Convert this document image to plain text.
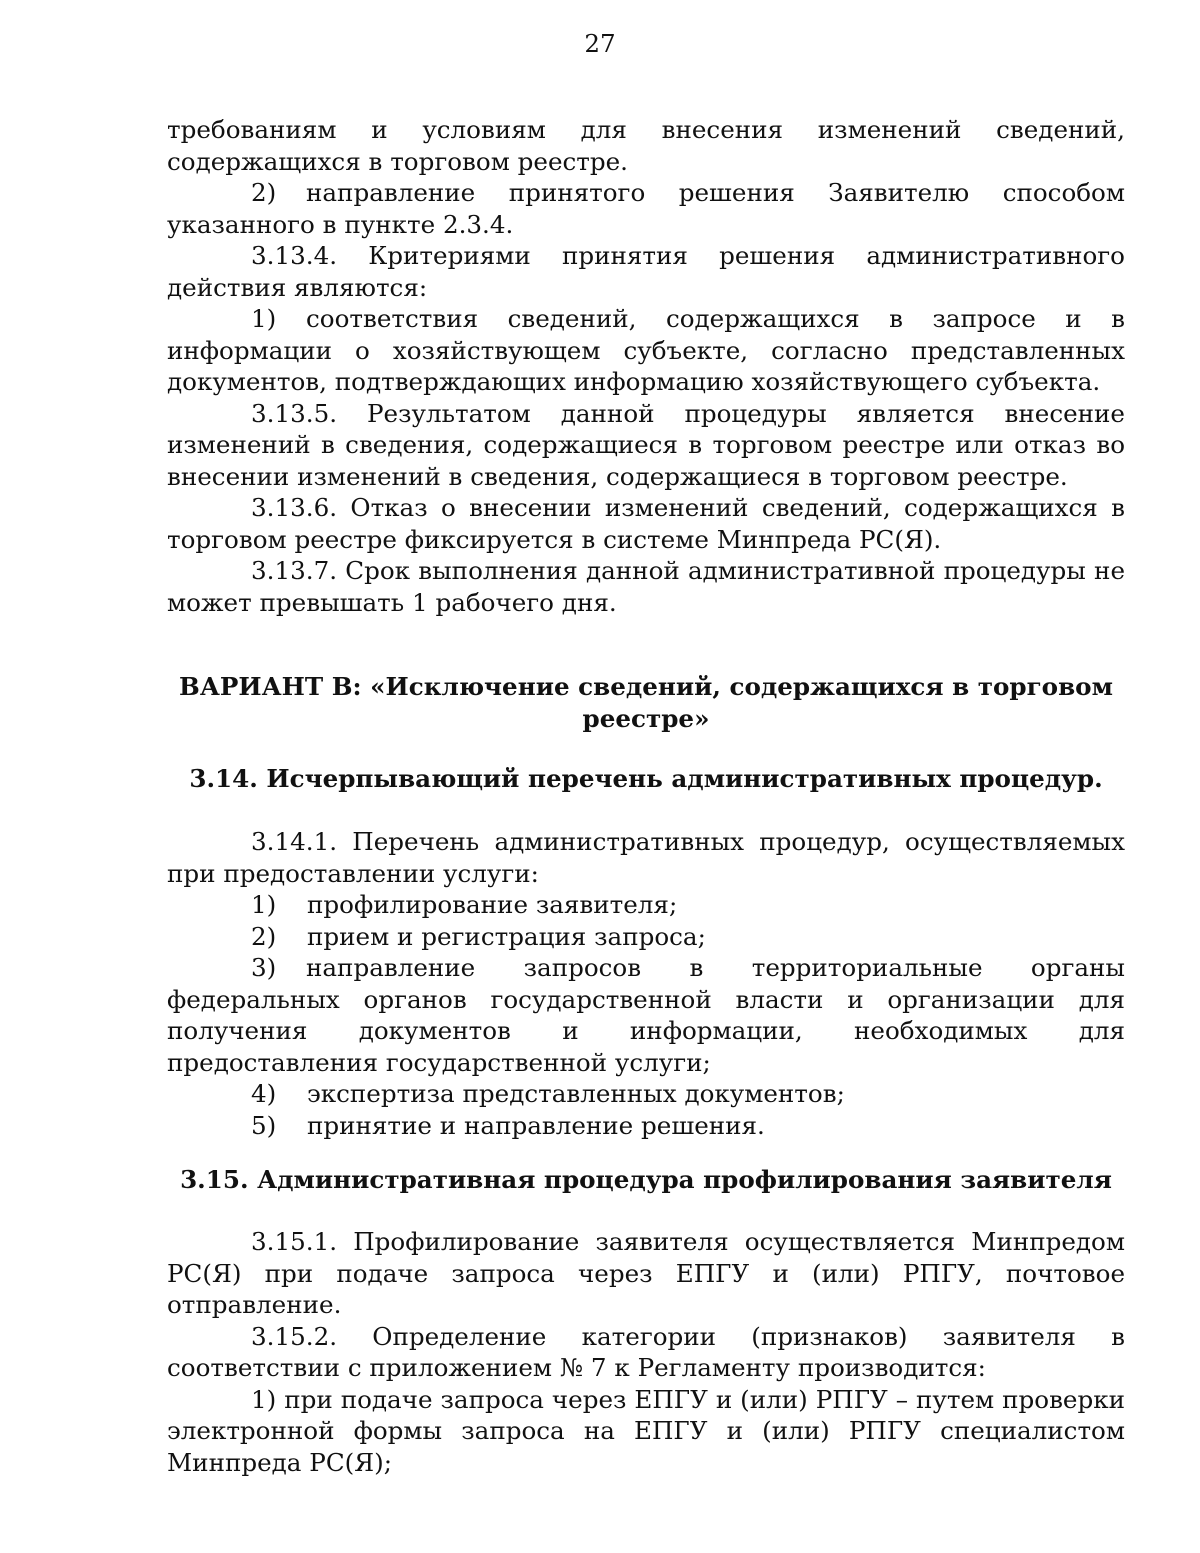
27

требованиям и условиям для внесения изменений сведений, содержащихся в торговом реестре.

2) направление принятого решения Заявителю способом указанного в пункте 2.3.4.

3.13.4. Критериями принятия решения административного действия являются:

1) соответствия сведений, содержащихся в запросе и в информации о хозяйствующем субъекте, согласно представленных документов, подтверждающих информацию хозяйствующего субъекта.

3.13.5. Результатом данной процедуры является внесение изменений в сведения, содержащиеся в торговом реестре или отказ во внесении изменений в сведения, содержащиеся в торговом реестре.

3.13.6. Отказ о внесении изменений сведений, содержащихся в торговом реестре фиксируется в системе Минпреда РС(Я).

3.13.7. Срок выполнения данной административной процедуры не может превышать 1 рабочего дня.

ВАРИАНТ В: «Исключение сведений, содержащихся в торговом реестре»
3.14. Исчерпывающий перечень административных процедур.

3.14.1. Перечень административных процедур, осуществляемых при предоставлении услуги:

1) профилирование заявителя;
2) прием и регистрация запроса;

3) направление запросов в территориальные органы федеральных органов государственной власти и организации для получения документов и информации, необходимых для предоставления государственной услуги;

4) экспертиза представленных документов;
5) принятие и направление решения.
3.15. Административная процедура профилирования заявителя

3.15.1. Профилирование заявителя осуществляется Минпредом РС(Я) при подаче запроса через ЕПГУ и (или) РПГУ, почтовое отправление.

3.15.2. Определение категории (признаков) заявителя в соответствии с приложением № 7 к Регламенту производится:

1) при подаче запроса через ЕПГУ и (или) РПГУ – путем проверки электронной формы запроса на ЕПГУ и (или) РПГУ специалистом Минпреда РС(Я);
